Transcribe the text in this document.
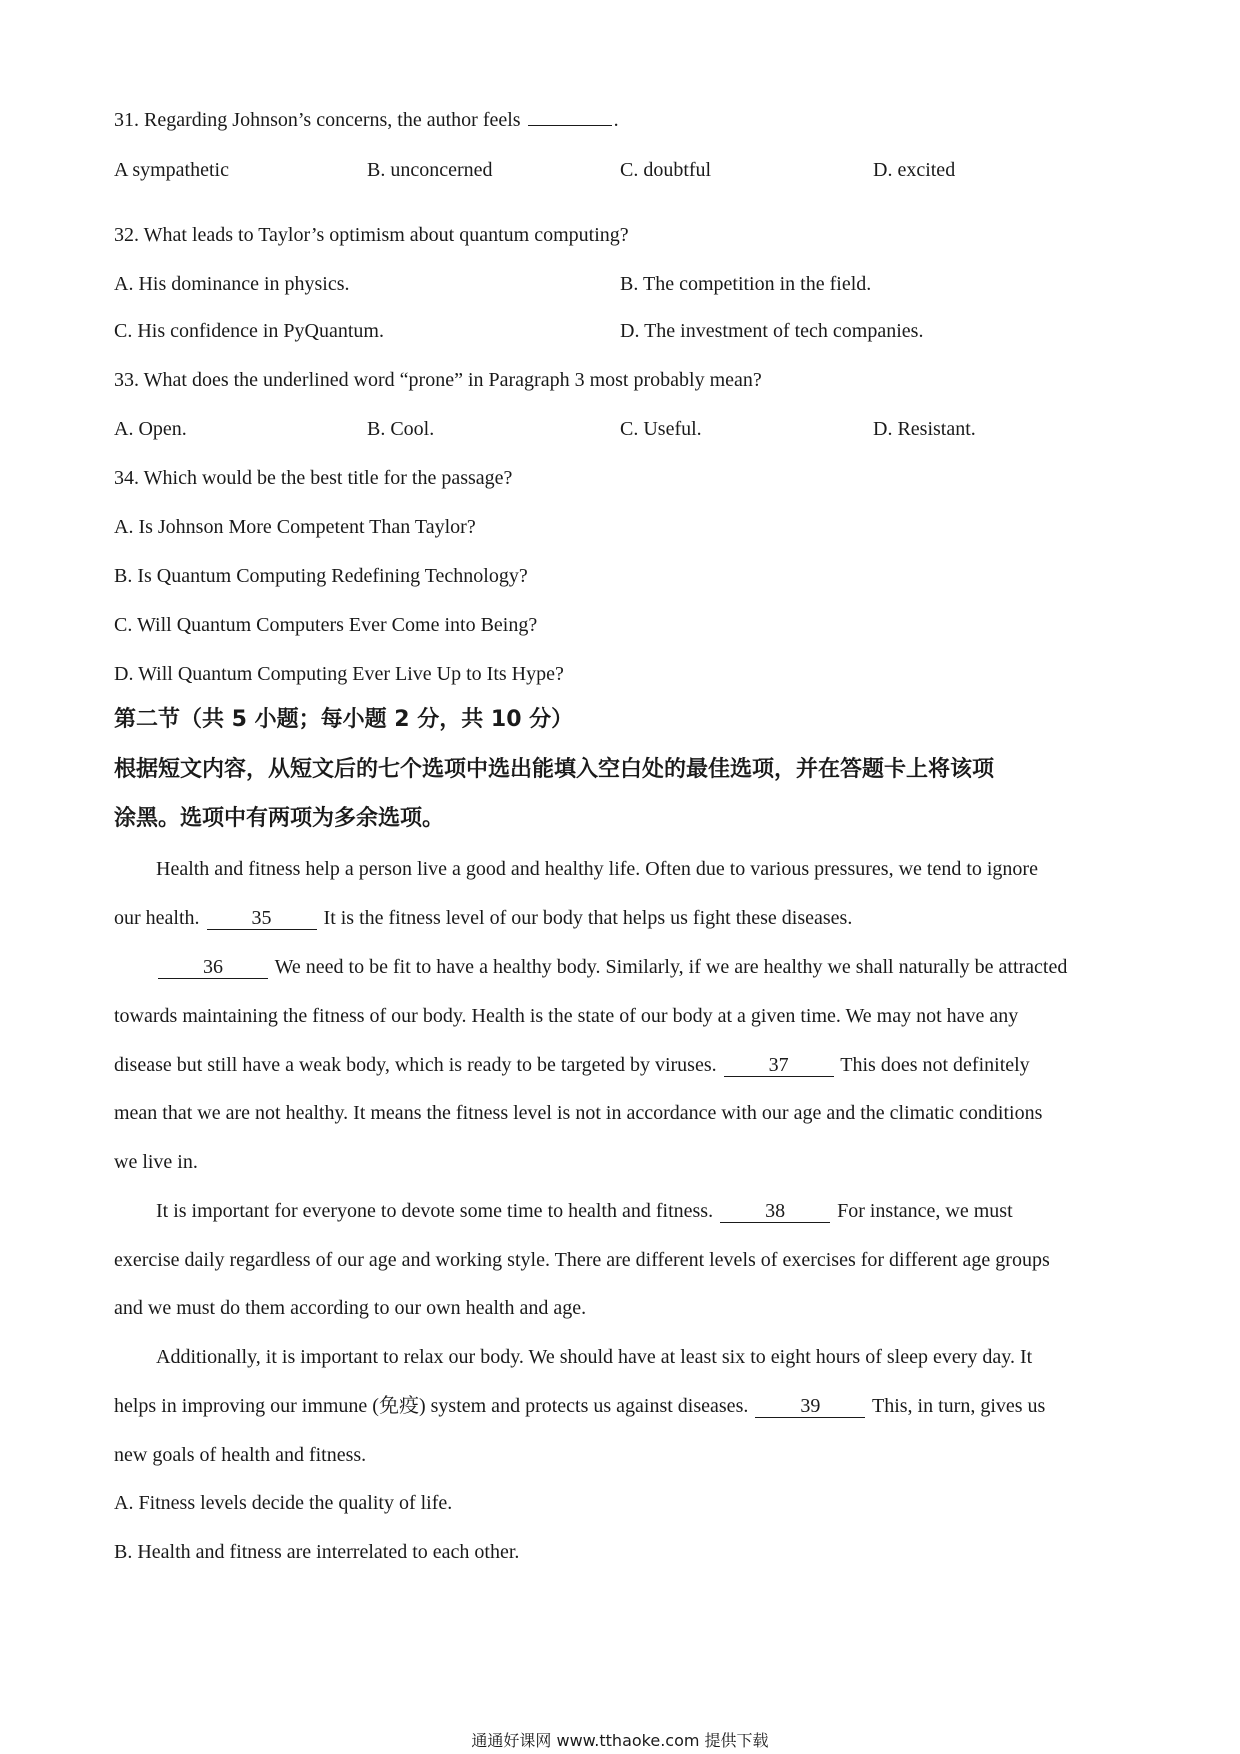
31. Regarding Johnson’s concerns, the author feels	.
A sympathetic	B. unconcerned	C. doubtful	D. excited
32. What leads to Taylor’s optimism about quantum computing?
A. His dominance in physics.	B. The competition in the field.
C. His confidence in PyQuantum.	D. The investment of tech companies.
33. What does the underlined word “prone” in Paragraph 3 most probably mean?
A. Open.	B. Cool.	C. Useful.	D. Resistant.
34. Which would be the best title for the passage?
A. Is Johnson More Competent Than Taylor?
B. Is Quantum Computing Redefining Technology?
C. Will Quantum Computers Ever Come into Being?
D. Will Quantum Computing Ever Live Up to Its Hype?
第二节（共 5 小题；每小题 2 分，共 10 分）
根据短文内容，从短文后的七个选项中选出能填入空白处的最佳选项，并在答题卡上将该项
涂黑。选项中有两项为多余选项。
Health and fitness help a person live a good and healthy life. Often due to various pressures, we tend to ignore
our health. 35 It is the fitness level of our body that helps us fight these diseases.
36 We need to be fit to have a healthy body. Similarly, if we are healthy we shall naturally be attracted
towards maintaining the fitness of our body. Health is the state of our body at a given time. We may not have any
disease but still have a weak body, which is ready to be targeted by viruses. 37 This does not definitely
mean that we are not healthy. It means the fitness level is not in accordance with our age and the climatic conditions
we live in.
It is important for everyone to devote some time to health and fitness. 38 For instance, we must
exercise daily regardless of our age and working style. There are different levels of exercises for different age groups
and we must do them according to our own health and age.
Additionally, it is important to relax our body. We should have at least six to eight hours of sleep every day. It
helps in improving our immune (免疫) system and protects us against diseases. 39 This, in turn, gives us
new goals of health and fitness.
A. Fitness levels decide the quality of life.
B. Health and fitness are interrelated to each other.
通通好课网 www.tthaoke.com 提供下载
